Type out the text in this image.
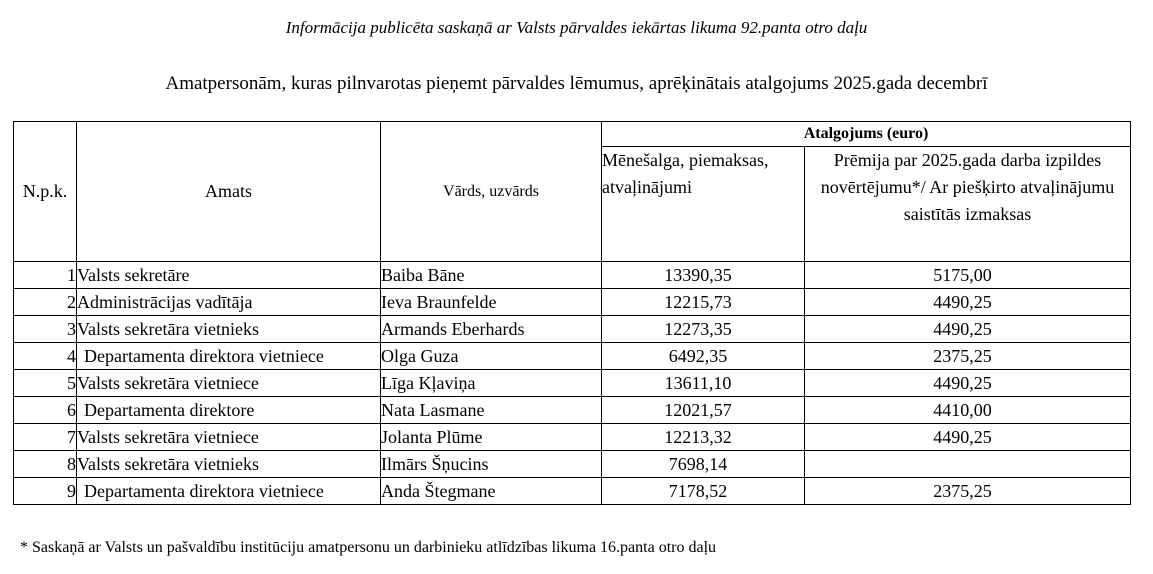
Informācija publicēta saskaņā ar Valsts pārvaldes iekārtas likuma 92.panta otro daļu
Amatpersonām, kuras pilnvarotas pieņemt pārvaldes lēmumus, aprēķinātais atalgojums 2025.gada decembrī
N.p.k.	Amats	Vārds, uzvārds	Atalgojums (euro)	
			Mēnešalga, piemaksas, atvaļinājumi	Prēmija par 2025.gada darba izpildes novērtējumu*/ Ar piešķirto atvaļinājumu saistītās izmaksas
1	Valsts sekretāre	Baiba Bāne	13390,35	5175,00
2	Administrācijas vadītāja	Ieva Braunfelde	12215,73	4490,25
3	Valsts sekretāra vietnieks	Armands Eberhards	12273,35	4490,25
4	Departamenta direktora vietniece	Olga Guza	6492,35	2375,25
5	Valsts sekretāra vietniece	Līga Kļaviņa	13611,10	4490,25
6	Departamenta direktore	Nata Lasmane	12021,57	4410,00
7	Valsts sekretāra vietniece	Jolanta Plūme	12213,32	4490,25
8	Valsts sekretāra vietnieks	Ilmārs Šņucins	7698,14	
9	Departamenta direktora vietniece	Anda Štegmane	7178,52	2375,25
* Saskaņā ar Valsts un pašvaldību institūciju amatpersonu un darbinieku atlīdzības likuma 16.panta otro daļu
